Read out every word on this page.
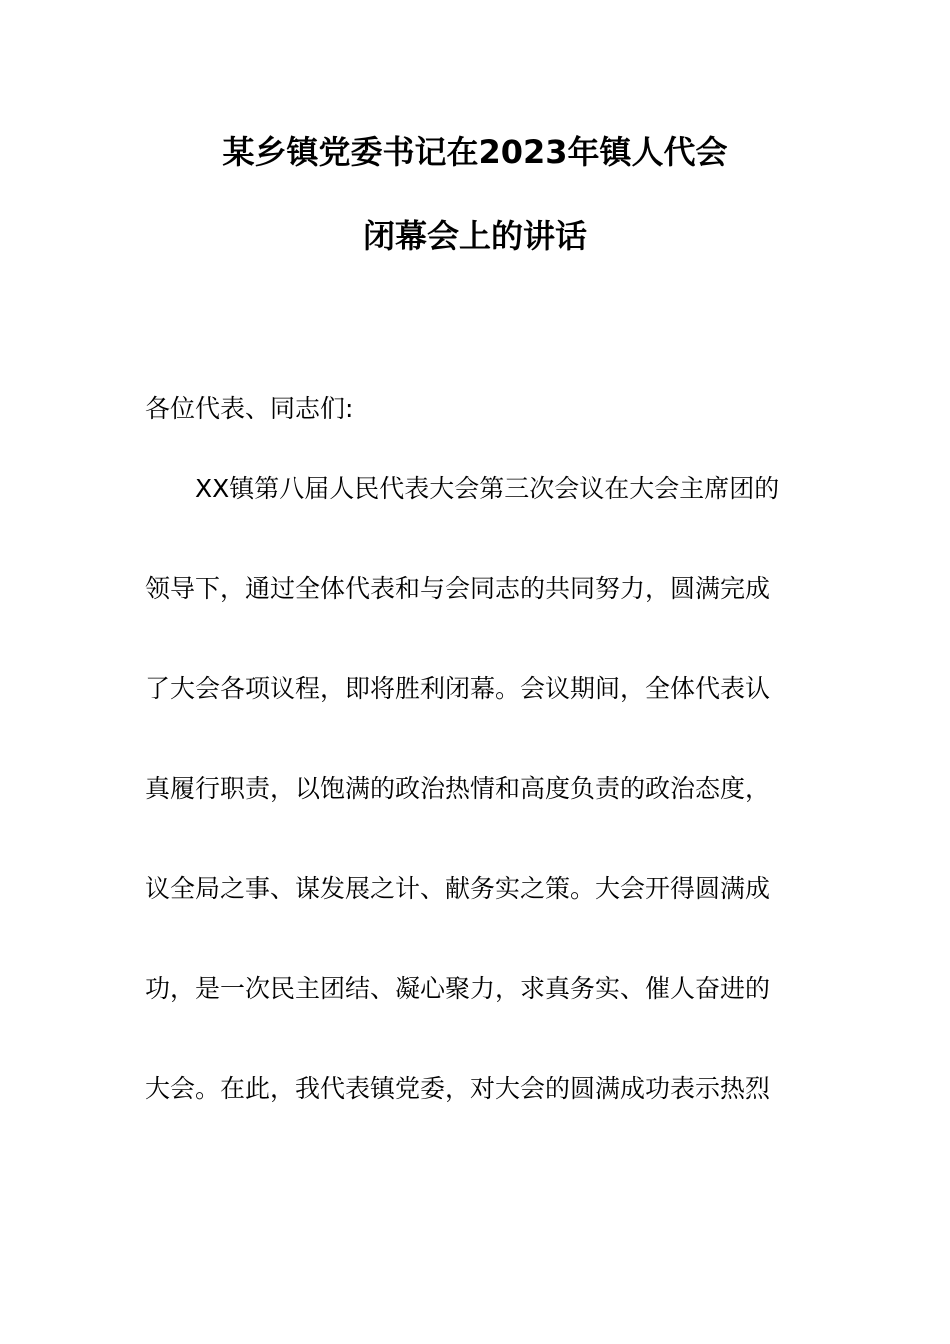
某乡镇党委书记在2023年镇人代会
闭幕会上的讲话
各位代表、同志们:
XX镇第八届人民代表大会第三次会议在大会主席团的
领导下，通过全体代表和与会同志的共同努力，圆满完成
了大会各项议程，即将胜利闭幕。会议期间，全体代表认
真履行职责，以饱满的政治热情和高度负责的政治态度，
议全局之事、谋发展之计、献务实之策。大会开得圆满成
功，是一次民主团结、凝心聚力，求真务实、催人奋进的
大会。在此，我代表镇党委，对大会的圆满成功表示热烈
